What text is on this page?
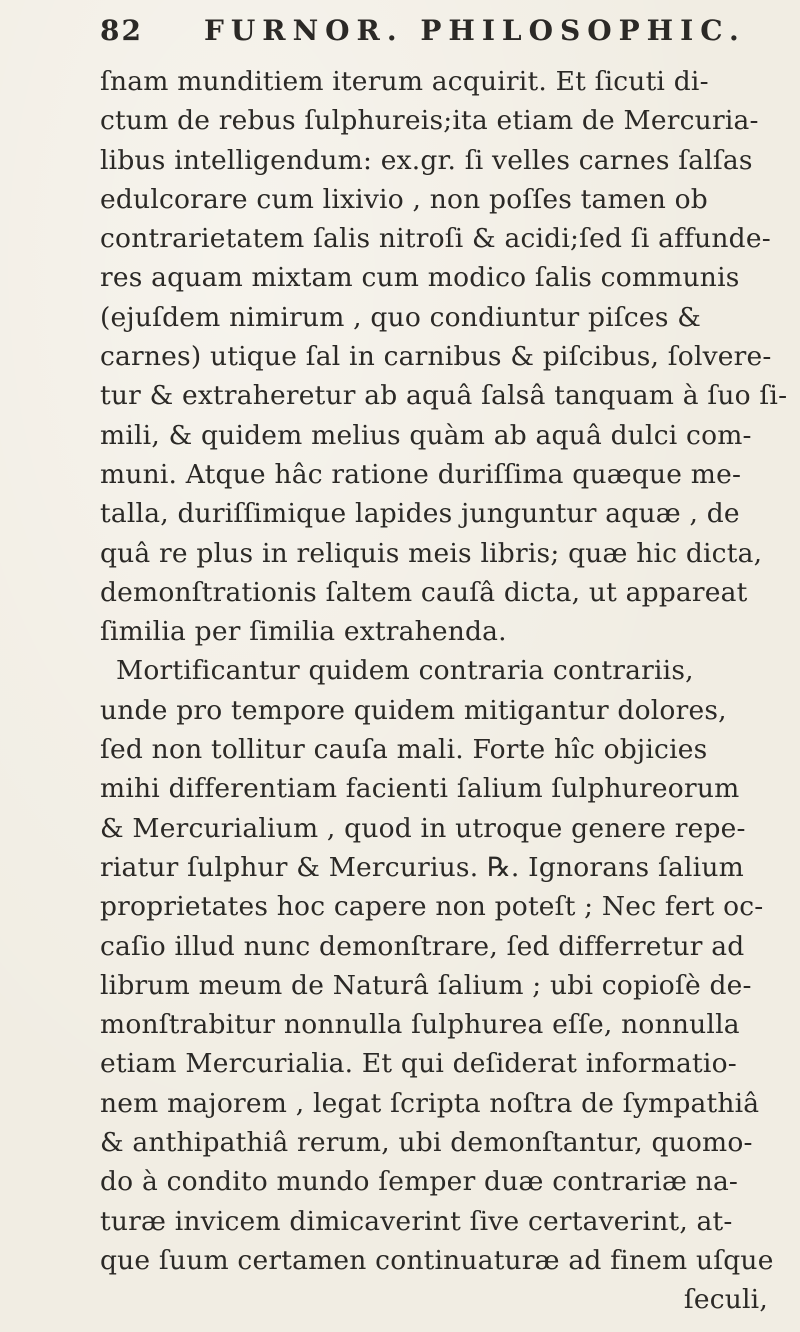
82	FURNOR. PHILOSOPHIC.
ſnam munditiem iterum acquirit. Et ſicuti di-
ctum de rebus ſulphureis;ita etiam de Mercuria-
libus intelligendum: ex.gr. ſi velles carnes ſalſas
edulcorare cum lixivio , non poſſes tamen ob
contrarietatem ſalis nitroſi & acidi;ſed ſi affunde-
res aquam mixtam cum modico ſalis communis
(ejuſdem nimirum , quo condiuntur piſces &
carnes) utique ſal in carnibus & piſcibus, ſolvere-
tur & extraheretur ab aquâ ſalsâ tanquam à ſuo ſi-
mili, & quidem melius quàm ab aquâ dulci com-
muni. Atque hâc ratione duriſſima quæque me-
talla, duriſſimique lapides junguntur aquæ , de
quâ re plus in reliquis meis libris; quæ hic dicta,
demonſtrationis ſaltem cauſâ dicta, ut appareat
ſimilia per ſimilia extrahenda.
Mortificantur quidem contraria contrariis,
unde pro tempore quidem mitigantur dolores,
ſed non tollitur cauſa mali. Forte hîc objicies
mihi differentiam facienti ſalium ſulphureorum
& Mercurialium , quod in utroque genere repe-
riatur ſulphur & Mercurius. ℞. Ignorans ſalium
proprietates hoc capere non poteſt ; Nec fert oc-
caſio illud nunc demonſtrare, ſed differretur ad
librum meum de Naturâ ſalium ; ubi copioſè de-
monſtrabitur nonnulla ſulphurea eſſe, nonnulla
etiam Mercurialia. Et qui deſiderat informatio-
nem majorem , legat ſcripta noſtra de ſympathiâ
& anthipathiâ rerum, ubi demonſtantur, quomo-
do à condito mundo ſemper duæ contrariæ na-
turæ invicem dimicaverint ſive certaverint, at-
que ſuum certamen continuaturæ ad finem uſque
ſeculi,
